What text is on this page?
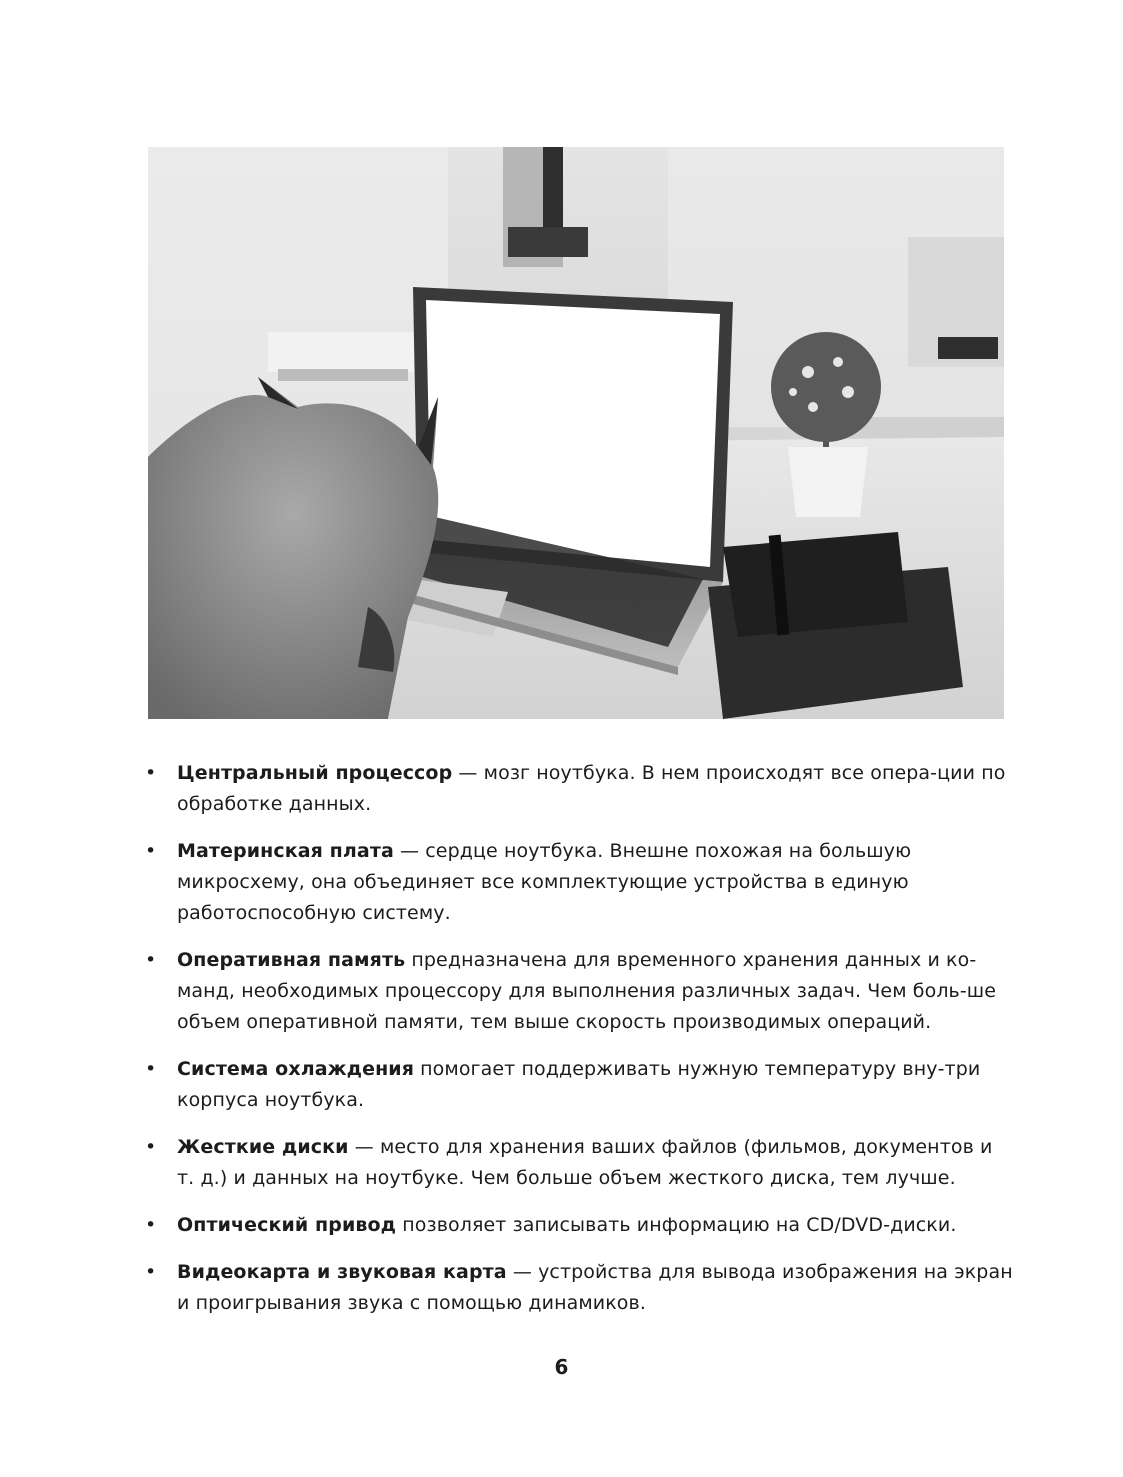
• Центральный процессор — мозг ноутбука. В нем происходят все опера-ции по обработке данных.
• Материнская плата — сердце ноутбука. Внешне похожая на большую микросхему, она объединяет все комплектующие устройства в единую работоспособную систему.
• Оперативная память предназначена для временного хранения данных и ко-манд, необходимых процессору для выполнения различных задач. Чем боль-ше объем оперативной памяти, тем выше скорость производимых операций.
• Система охлаждения помогает поддерживать нужную температуру вну-три корпуса ноутбука.
• Жесткие диски — место для хранения ваших файлов (фильмов, документов и т. д.) и данных на ноутбуке. Чем больше объем жесткого диска, тем лучше.
• Оптический привод позволяет записывать информацию на CD/DVD-диски.
• Видеокарта и звуковая карта — устройства для вывода изображения на экран и проигрывания звука с помощью динамиков.
6
